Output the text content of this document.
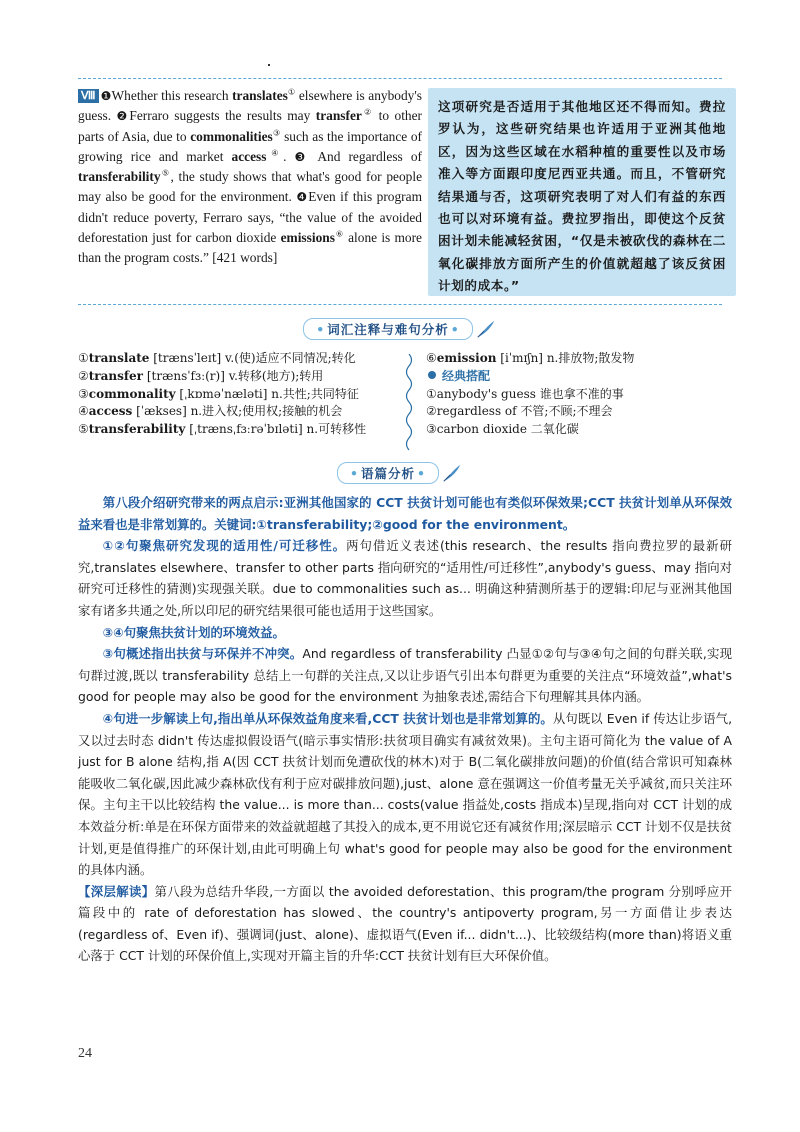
Ⅷ ❶Whether this research translates① elsewhere is anybody's guess. ❷Ferraro suggests the results may transfer② to other parts of Asia, due to commonalities③ such as the importance of growing rice and market access④. ❸ And regardless of transferability⑤, the study shows that what's good for people may also be good for the environment. ❹Even if this program didn't reduce poverty, Ferraro says, “the value of the avoided deforestation just for carbon dioxide emissions⑥ alone is more than the program costs.” [421 words]
这项研究是否适用于其他地区还不得而知。费拉罗认为，这些研究结果也许适用于亚洲其他地区，因为这些区域在水稻种植的重要性以及市场准入等方面跟印度尼西亚共通。而且，不管研究结果通与否，这项研究表明了对人们有益的东西也可以对环境有益。费拉罗指出，即使这个反贫困计划未能减轻贫困，“仅是未被砍伐的森林在二氧化碳排放方面所产生的价值就超越了该反贫困计划的成本。”
• 词汇注释与难句分析 •
①translate [trænsˈleɪt] v.(使)适应不同情况;转化
②transfer [trænsˈfɜː(r)] v.转移(地方);转用
③commonality [ˌkɒməˈnæləti] n.共性;共同特征
④access [ˈækses] n.进入权;使用权;接触的机会
⑤transferability [ˌtrænsˌfɜːrəˈbɪləti] n.可转移性
⑥emission [iˈmɪʃn] n.排放物;散发物
经典搭配
①anybody's guess 谁也拿不准的事
②regardless of 不管;不顾;不理会
③carbon dioxide 二氧化碳
• 语篇分析 •

第八段介绍研究带来的两点启示:亚洲其他国家的 CCT 扶贫计划可能也有类似环保效果;CCT 扶贫计划单从环保效益来看也是非常划算的。关键词:①transferability;②good for the environment。

①②句聚焦研究发现的适用性/可迁移性。两句借近义表述(this research、the results 指向费拉罗的最新研究,translates elsewhere、transfer to other parts 指向研究的“适用性/可迁移性”,anybody's guess、may 指向对研究可迁移性的猜测)实现强关联。due to commonalities such as... 明确这种猜测所基于的逻辑:印尼与亚洲其他国家有诸多共通之处,所以印尼的研究结果很可能也适用于这些国家。

③④句聚焦扶贫计划的环境效益。

③句概述指出扶贫与环保并不冲突。And regardless of transferability 凸显①②句与③④句之间的句群关联,实现句群过渡,既以 transferability 总结上一句群的关注点,又以让步语气引出本句群更为重要的关注点“环境效益”,what's good for people may also be good for the environment 为抽象表述,需结合下句理解其具体内涵。

④句进一步解读上句,指出单从环保效益角度来看,CCT 扶贫计划也是非常划算的。从句既以 Even if 传达让步语气,又以过去时态 didn't 传达虚拟假设语气(暗示事实情形:扶贫项目确实有减贫效果)。主句主语可简化为 the value of A just for B alone 结构,指 A(因 CCT 扶贫计划而免遭砍伐的林木)对于 B(二氧化碳排放问题)的价值(结合常识可知森林能吸收二氧化碳,因此减少森林砍伐有利于应对碳排放问题),just、alone 意在强调这一价值考量无关乎减贫,而只关注环保。主句主干以比较结构 the value... is more than... costs(value 指益处,costs 指成本)呈现,指向对 CCT 计划的成本效益分析:单是在环保方面带来的效益就超越了其投入的成本,更不用说它还有减贫作用;深层暗示 CCT 计划不仅是扶贫计划,更是值得推广的环保计划,由此可明确上句 what's good for people may also be good for the environment 的具体内涵。

【深层解读】第八段为总结升华段,一方面以 the avoided deforestation、this program/the program 分别呼应开篇段中的 rate of deforestation has slowed、the country's antipoverty program,另一方面借让步表达(regardless of、Even if)、强调词(just、alone)、虚拟语气(Even if... didn't...)、比较级结构(more than)将语义重心落于 CCT 计划的环保价值上,实现对开篇主旨的升华:CCT 扶贫计划有巨大环保价值。

24
